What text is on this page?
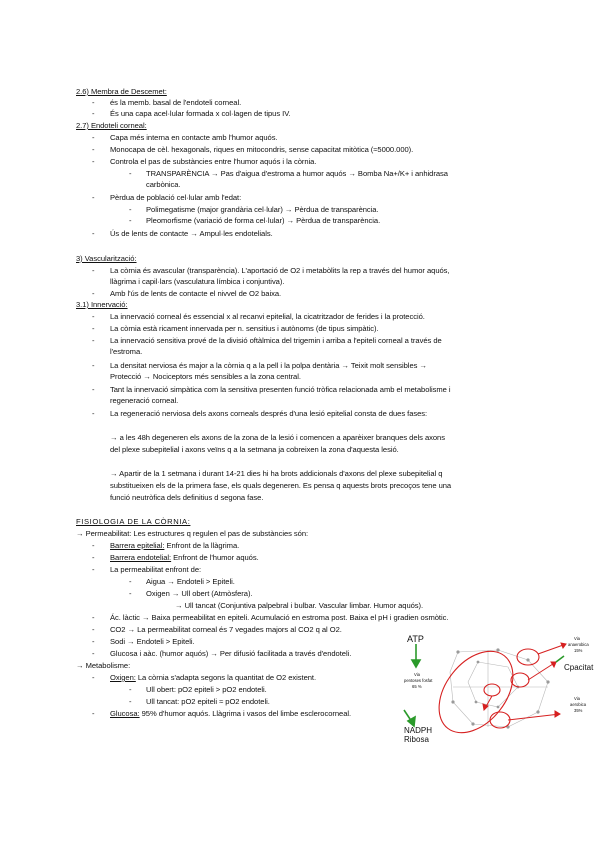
2.6) Membra de Descemet:
- és la memb. basal de l'endoteli corneal.
- És una capa acel·lular formada x col·lagen de tipus IV.
2.7) Endoteli corneal:
- Capa més interna en contacte amb l'humor aquós.
- Monocapa de cèl. hexagonals, riques en mitocondris, sense capacitat mitòtica (≈5000.000).
- Controla el pas de substàncies entre l'humor aquós i la còrnia.
- TRANSPARÈNCIA → Pas d'aigua d'estroma a humor aquós → Bomba Na+/K+ i anhidrasa
carbònica.
- Pèrdua de població cel·lular amb l'edat:
- Polimegatisme (major grandària cel·lular) → Pèrdua de transparència.
- Pleomorfisme (variació de forma cel·lular) → Pèrdua de transparència.
- Ús de lents de contacte → Ampul·les endotelials.
3) Vascularització:
- La còrnia és avascular (transparència). L'aportació de O2 i metabòlits la rep a través del humor aquós,
llàgrima i capil·lars (vasculatura límbica i conjuntiva).
- Amb l'ús de lents de contacte el nivvel de O2 baixa.
3.1) Innervació:
- La innervació corneal és essencial x al recanvi epitelial, la cicatritzador de ferides i la protecció.
- La còrnia està ricament innervada per n. sensitius i autònoms (de tipus simpàtic).
- La innervació sensitiva prové de la divisió oftàlmica del trigemin i arriba a l'epiteli corneal a través de
l'estroma.
- La densitat nerviosa és major a la còrnia q a la pell i la polpa dentària → Teixit molt sensibles →
Protecció → Nociceptors més sensibles a la zona central.
- Tant la innervació simpàtica com la sensitiva presenten funció tròfica relacionada amb el metabolisme i
regeneració corneal.
- La regeneració nerviosa dels axons corneals després d'una lesió epitelial consta de dues fases:
→ a les 48h degeneren els axons de la zona de la lesió i comencen a aparèixer branques dels axons
del plexe subepitelial i axons veïns q a la setmana ja cobreixen la zona d'aquesta lesió.
→ Apartir de la 1 setmana i durant 14-21 dies hi ha brots addicionals d'axons del plexe subepitelial q
substitueixen els de la primera fase, els quals degeneren. Es pensa q aquests brots precoços tene una
funció neutròfica dels definitius d segona fase.
FISIOLOGIA DE LA CÒRNIA:
→ Permeabilitat: Les estructures q regulen el pas de substàncies són:
- Barrera epitelial: Enfront de la llàgrima.
- Barrera endotelial: Enfront de l'humor aquós.
- La permeabilitat enfront de:
- Aigua → Endoteli > Epiteli.
- Oxigen → Ull obert (Atmòsfera).
→ Ull tancat (Conjuntiva palpebral i bulbar. Vascular limbar. Humor aquós).
- Ác. làctic → Baixa permeabilitat en epiteli. Acumulació en estroma post. Baixa el pH i gradien osmòtic.
- CO2 → La permeabilitat corneal és 7 vegades majors al CO2 q al O2.
- Sodi → Endoteli > Epiteli.
- Glucosa i aàc. (humor aquós) → Per difusió facilitada a través d'endoteli.
→ Metabolisme:
- Oxigen: La còrnia s'adapta segons la quantitat de O2 existent.
- Ull obert: pO2 epiteli > pO2 endoteli.
- Ull tancat: pO2 epiteli ≈ pO2 endoteli.
- Glucosa: 95% d'humor aquós. Llàgrima i vasos del limbe esclerocorneal.
ATP
Via
pentoses fosfat
65 %
NADPH
Ribosa
Via
anaerobica
15%
Cpacitat
Via
aerobica
35%
